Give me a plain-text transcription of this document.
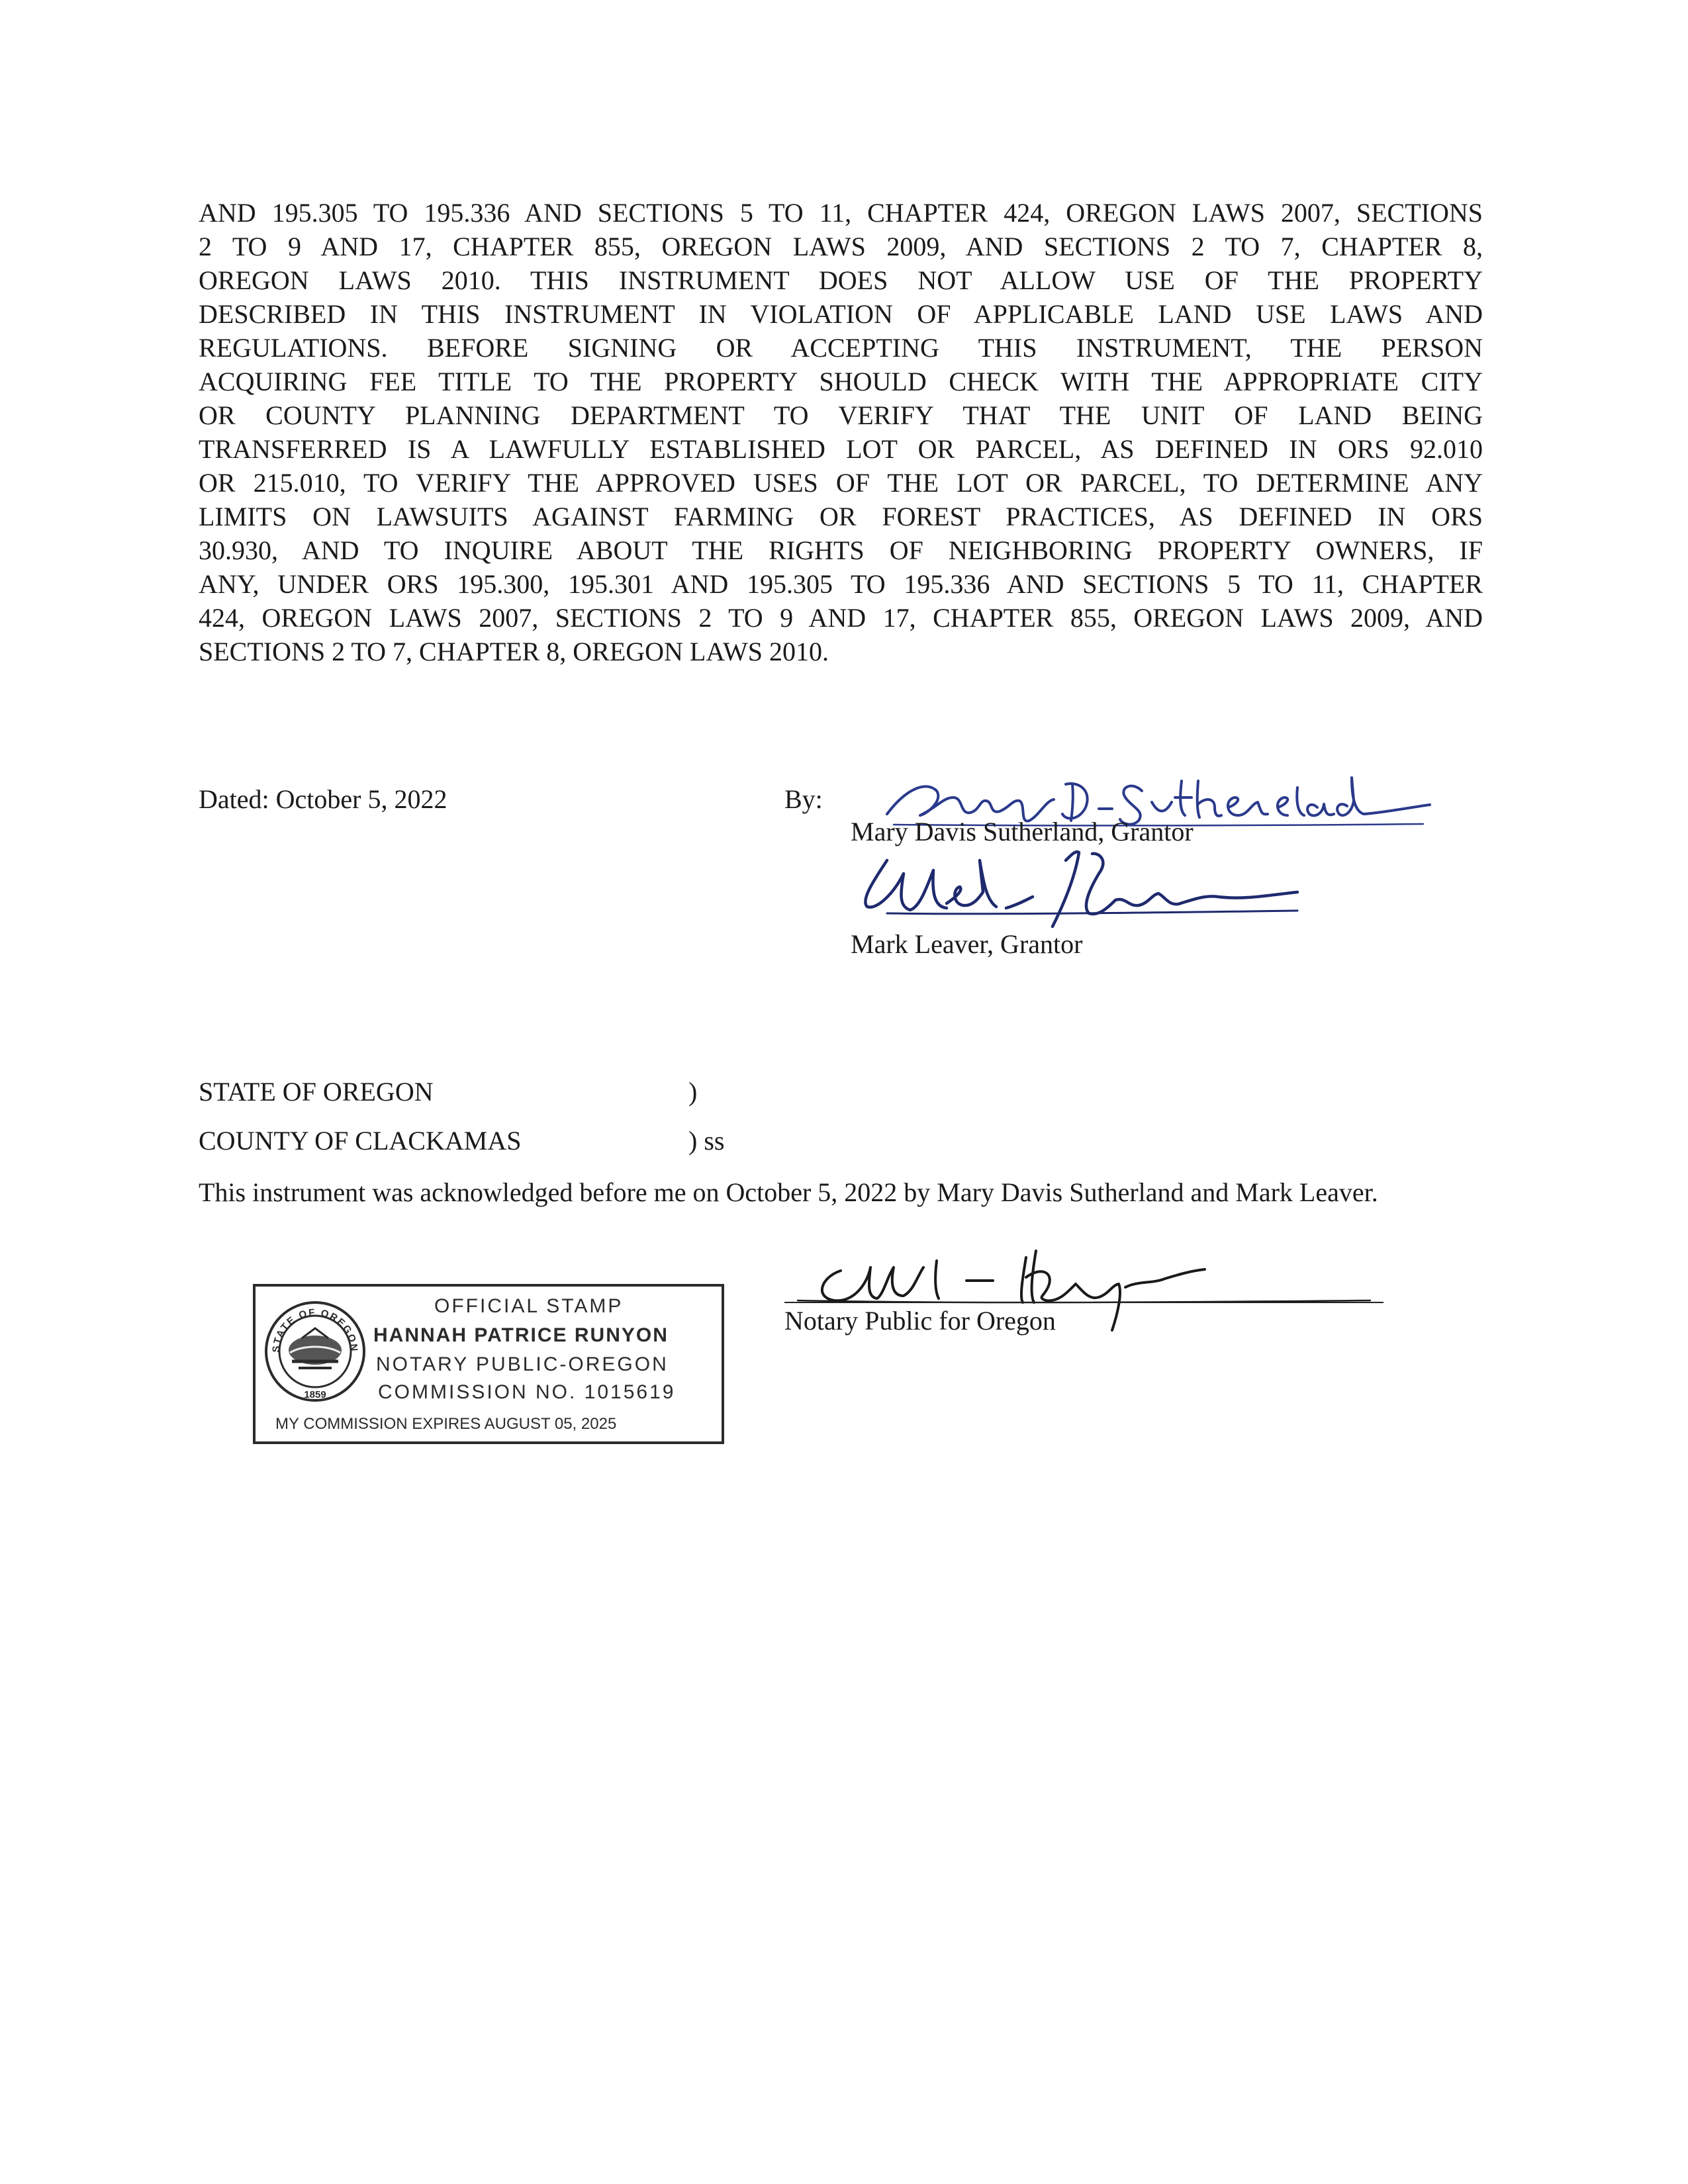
AND 195.305 TO 195.336 AND SECTIONS 5 TO 11, CHAPTER 424, OREGON LAWS 2007, SECTIONS
2 TO 9 AND 17, CHAPTER 855, OREGON LAWS 2009, AND SECTIONS 2 TO 7, CHAPTER 8,
OREGON LAWS 2010. THIS INSTRUMENT DOES NOT ALLOW USE OF THE PROPERTY
DESCRIBED IN THIS INSTRUMENT IN VIOLATION OF APPLICABLE LAND USE LAWS AND
REGULATIONS. BEFORE SIGNING OR ACCEPTING THIS INSTRUMENT, THE PERSON
ACQUIRING FEE TITLE TO THE PROPERTY SHOULD CHECK WITH THE APPROPRIATE CITY
OR COUNTY PLANNING DEPARTMENT TO VERIFY THAT THE UNIT OF LAND BEING
TRANSFERRED IS A LAWFULLY ESTABLISHED LOT OR PARCEL, AS DEFINED IN ORS 92.010
OR 215.010, TO VERIFY THE APPROVED USES OF THE LOT OR PARCEL, TO DETERMINE ANY
LIMITS ON LAWSUITS AGAINST FARMING OR FOREST PRACTICES, AS DEFINED IN ORS
30.930, AND TO INQUIRE ABOUT THE RIGHTS OF NEIGHBORING PROPERTY OWNERS, IF
ANY, UNDER ORS 195.300, 195.301 AND 195.305 TO 195.336 AND SECTIONS 5 TO 11, CHAPTER
424, OREGON LAWS 2007, SECTIONS 2 TO 9 AND 17, CHAPTER 855, OREGON LAWS 2009, AND
SECTIONS 2 TO 7, CHAPTER 8, OREGON LAWS 2010.
Dated: October 5, 2022	By:
Mary Davis Sutherland, Grantor
Mark Leaver, Grantor
STATE OF OREGON	)
COUNTY OF CLACKAMAS	) ss
This instrument was acknowledged before me on October 5, 2022 by Mary Davis Sutherland and Mark Leaver.
Notary Public for Oregon
STATE OF OREGON
1859
OFFICIAL STAMP
HANNAH PATRICE RUNYON
NOTARY PUBLIC-OREGON
COMMISSION NO. 1015619
MY COMMISSION EXPIRES AUGUST 05, 2025
